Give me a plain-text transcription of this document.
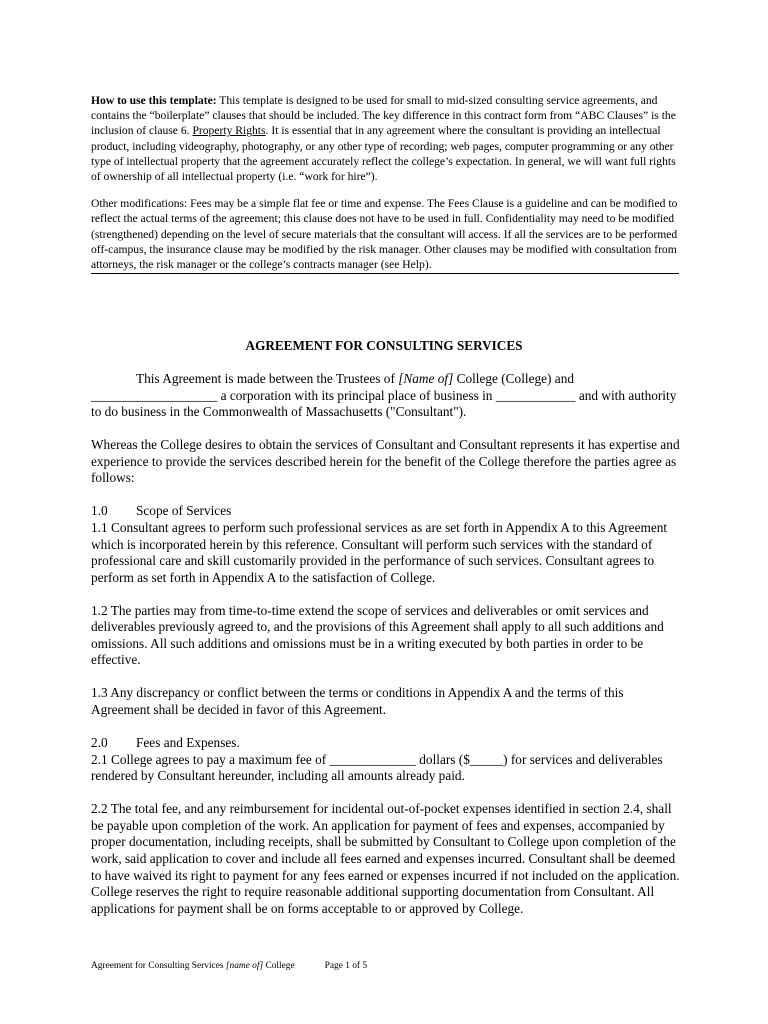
How to use this template: This template is designed to be used for small to mid-sized consulting service agreements, and contains the “boilerplate” clauses that should be included. The key difference in this contract form from “ABC Clauses” is the inclusion of clause 6. Property Rights. It is essential that in any agreement where the consultant is providing an intellectual product, including videography, photography, or any other type of recording; web pages, computer programming or any other type of intellectual property that the agreement accurately reflect the college’s expectation. In general, we will want full rights of ownership of all intellectual property (i.e. “work for hire”).

Other modifications: Fees may be a simple flat fee or time and expense. The Fees Clause is a guideline and can be modified to reflect the actual terms of the agreement; this clause does not have to be used in full. Confidentiality may need to be modified (strengthened) depending on the level of secure materials that the consultant will access. If all the services are to be performed off-campus, the insurance clause may be modified by the risk manager. Other clauses may be modified with consultation from attorneys, the risk manager or the college’s contracts manager (see Help).

AGREEMENT FOR CONSULTING SERVICES

This Agreement is made between the Trustees of [Name of] College (College) and ___________________ a corporation with its principal place of business in ____________ and with authority to do business in the Commonwealth of Massachusetts ("Consultant").

Whereas the College desires to obtain the services of Consultant and Consultant represents it has expertise and experience to provide the services described herein for the benefit of the College therefore the parties agree as follows:

1.0 Scope of Services

1.1 Consultant agrees to perform such professional services as are set forth in Appendix A to this Agreement which is incorporated herein by this reference. Consultant will perform such services with the standard of professional care and skill customarily provided in the performance of such services. Consultant agrees to perform as set forth in Appendix A to the satisfaction of College.

1.2 The parties may from time-to-time extend the scope of services and deliverables or omit services and deliverables previously agreed to, and the provisions of this Agreement shall apply to all such additions and omissions. All such additions and omissions must be in a writing executed by both parties in order to be effective.

1.3 Any discrepancy or conflict between the terms or conditions in Appendix A and the terms of this Agreement shall be decided in favor of this Agreement.

2.0 Fees and Expenses.

2.1 College agrees to pay a maximum fee of _____________ dollars ($_____) for services and deliverables rendered by Consultant hereunder, including all amounts already paid.

2.2 The total fee, and any reimbursement for incidental out-of-pocket expenses identified in section 2.4, shall be payable upon completion of the work. An application for payment of fees and expenses, accompanied by proper documentation, including receipts, shall be submitted by Consultant to College upon completion of the work, said application to cover and include all fees earned and expenses incurred. Consultant shall be deemed to have waived its right to payment for any fees earned or expenses incurred if not included on the application. College reserves the right to require reasonable additional supporting documentation from Consultant. All applications for payment shall be on forms acceptable to or approved by College.

Agreement for Consulting Services [name of] College	Page 1 of 5
